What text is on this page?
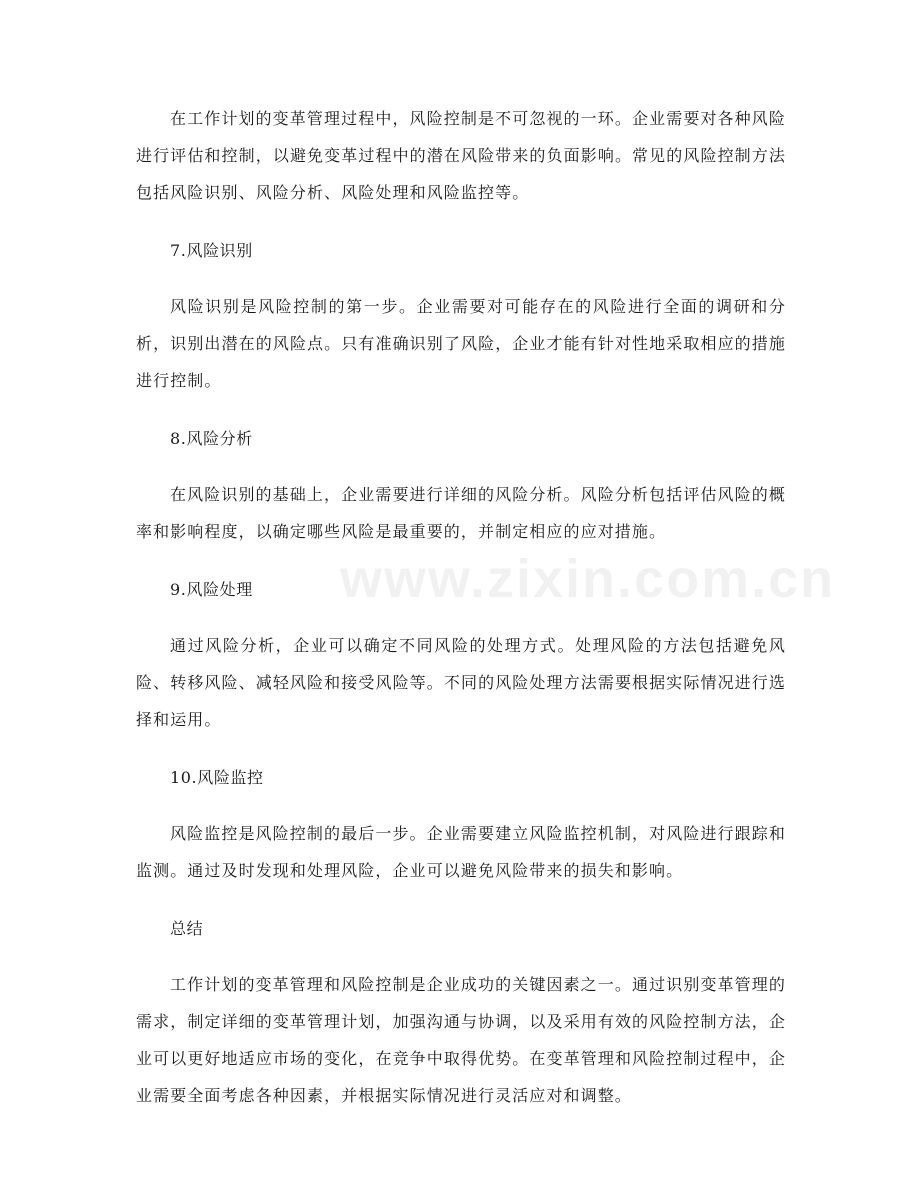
www.zixin.com.cn

在工作计划的变革管理过程中，风险控制是不可忽视的一环。企业需要对各种风险进行评估和控制，以避免变革过程中的潜在风险带来的负面影响。常见的风险控制方法包括风险识别、风险分析、风险处理和风险监控等。

7.风险识别

风险识别是风险控制的第一步。企业需要对可能存在的风险进行全面的调研和分析，识别出潜在的风险点。只有准确识别了风险，企业才能有针对性地采取相应的措施进行控制。

8.风险分析

在风险识别的基础上，企业需要进行详细的风险分析。风险分析包括评估风险的概率和影响程度，以确定哪些风险是最重要的，并制定相应的应对措施。

9.风险处理

通过风险分析，企业可以确定不同风险的处理方式。处理风险的方法包括避免风险、转移风险、减轻风险和接受风险等。不同的风险处理方法需要根据实际情况进行选择和运用。

10.风险监控

风险监控是风险控制的最后一步。企业需要建立风险监控机制，对风险进行跟踪和监测。通过及时发现和处理风险，企业可以避免风险带来的损失和影响。

总结

工作计划的变革管理和风险控制是企业成功的关键因素之一。通过识别变革管理的需求，制定详细的变革管理计划，加强沟通与协调，以及采用有效的风险控制方法，企业可以更好地适应市场的变化，在竞争中取得优势。在变革管理和风险控制过程中，企业需要全面考虑各种因素，并根据实际情况进行灵活应对和调整。
